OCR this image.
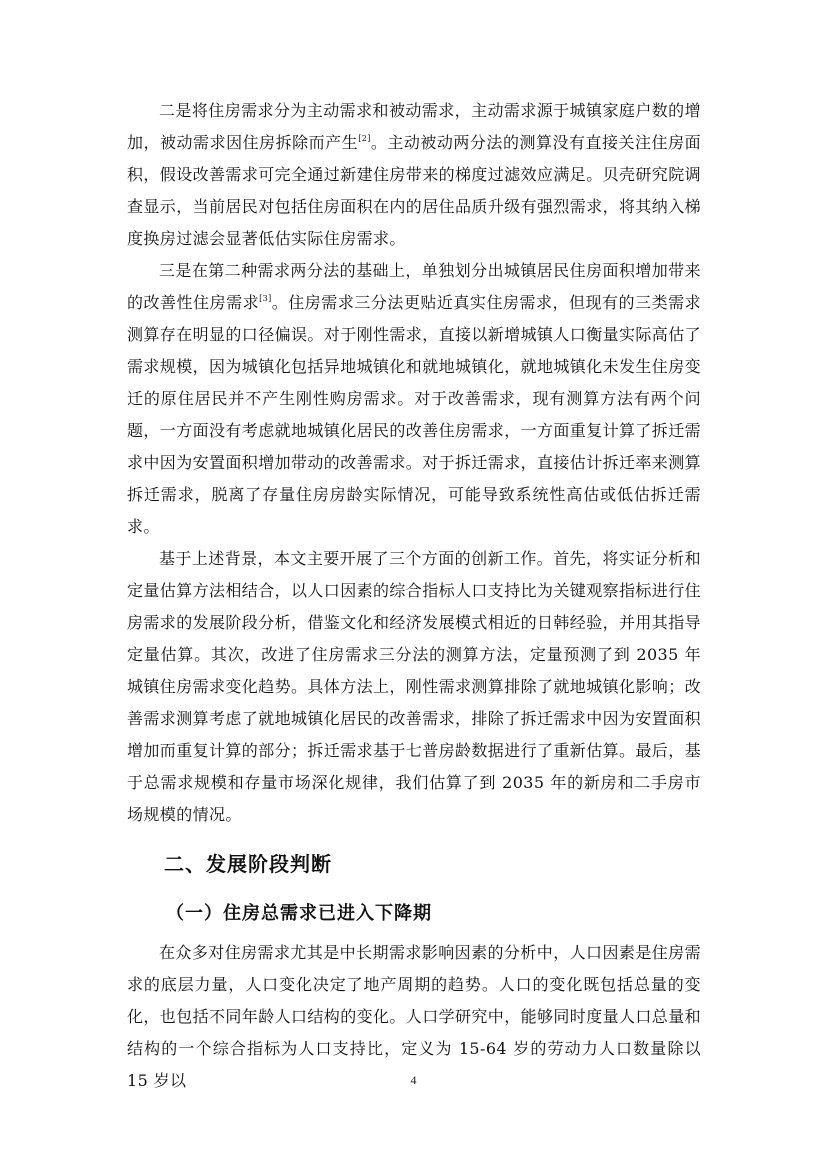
二是将住房需求分为主动需求和被动需求，主动需求源于城镇家庭户数的增加，被动需求因住房拆除而产生[2]。主动被动两分法的测算没有直接关注住房面积，假设改善需求可完全通过新建住房带来的梯度过滤效应满足。贝壳研究院调查显示，当前居民对包括住房面积在内的居住品质升级有强烈需求，将其纳入梯度换房过滤会显著低估实际住房需求。

三是在第二种需求两分法的基础上，单独划分出城镇居民住房面积增加带来的改善性住房需求[3]。住房需求三分法更贴近真实住房需求，但现有的三类需求测算存在明显的口径偏误。对于刚性需求，直接以新增城镇人口衡量实际高估了需求规模，因为城镇化包括异地城镇化和就地城镇化，就地城镇化未发生住房变迁的原住居民并不产生刚性购房需求。对于改善需求，现有测算方法有两个问题，一方面没有考虑就地城镇化居民的改善住房需求，一方面重复计算了拆迁需求中因为安置面积增加带动的改善需求。对于拆迁需求，直接估计拆迁率来测算拆迁需求，脱离了存量住房房龄实际情况，可能导致系统性高估或低估拆迁需求。

基于上述背景，本文主要开展了三个方面的创新工作。首先，将实证分析和定量估算方法相结合，以人口因素的综合指标人口支持比为关键观察指标进行住房需求的发展阶段分析，借鉴文化和经济发展模式相近的日韩经验，并用其指导定量估算。其次，改进了住房需求三分法的测算方法，定量预测了到 2035 年城镇住房需求变化趋势。具体方法上，刚性需求测算排除了就地城镇化影响；改善需求测算考虑了就地城镇化居民的改善需求，排除了拆迁需求中因为安置面积增加而重复计算的部分；拆迁需求基于七普房龄数据进行了重新估算。最后，基于总需求规模和存量市场深化规律，我们估算了到 2035 年的新房和二手房市场规模的情况。

二、发展阶段判断
（一）住房总需求已进入下降期

在众多对住房需求尤其是中长期需求影响因素的分析中，人口因素是住房需求的底层力量，人口变化决定了地产周期的趋势。人口的变化既包括总量的变化，也包括不同年龄人口结构的变化。人口学研究中，能够同时度量人口总量和结构的一个综合指标为人口支持比，定义为 15-64 岁的劳动力人口数量除以 15 岁以	4
